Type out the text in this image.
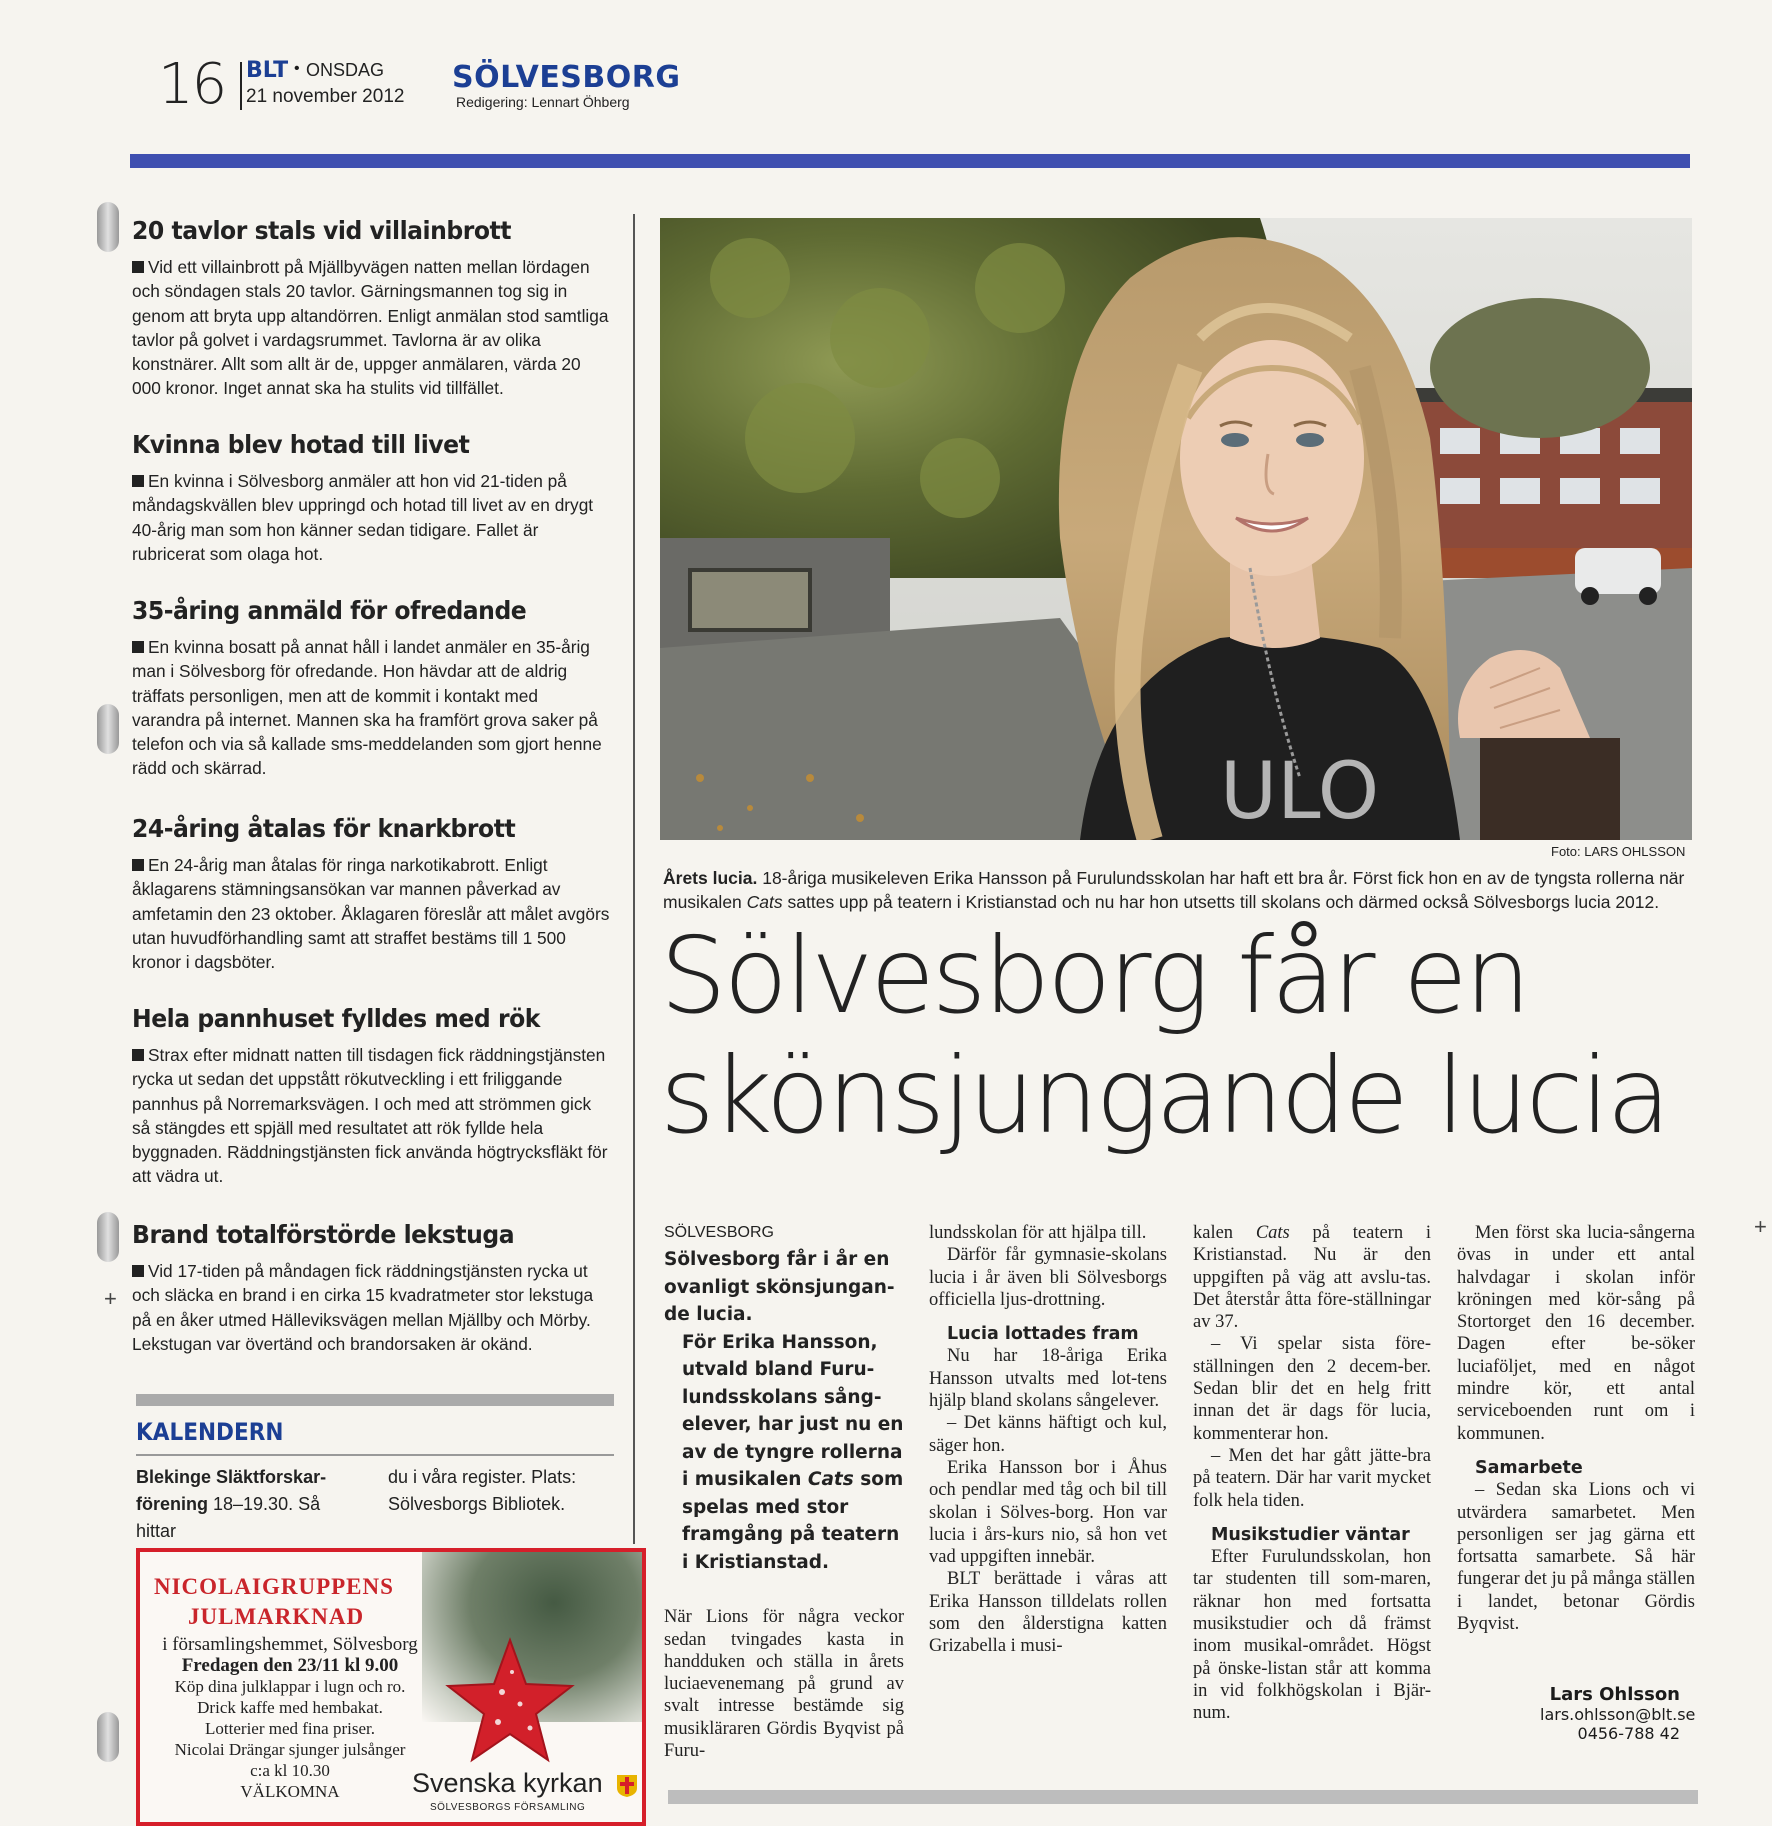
16 BLT • ONSDAG
21 november 2012
SÖLVESBORG
Redigering: Lennart Öhberg
20 tavlor stals vid villainbrott

Vid ett villainbrott på Mjällbyvägen natten mellan lördagen och söndagen stals 20 tavlor. Gärningsmannen tog sig in genom att bryta upp altandörren. Enligt anmälan stod samtliga tavlor på golvet i vardagsrummet. Tavlorna är av olika konstnärer. Allt som allt är de, uppger anmälaren, värda 20 000 kronor. Inget annat ska ha stulits vid tillfället.

Kvinna blev hotad till livet

En kvinna i Sölvesborg anmäler att hon vid 21-tiden på måndagskvällen blev uppringd och hotad till livet av en drygt 40-årig man som hon känner sedan tidigare. Fallet är rubricerat som olaga hot.

35-åring anmäld för ofredande

En kvinna bosatt på annat håll i landet anmäler en 35-årig man i Sölvesborg för ofredande. Hon hävdar att de aldrig träffats personligen, men att de kommit i kontakt med varandra på internet. Mannen ska ha framfört grova saker på telefon och via så kallade sms-meddelanden som gjort henne rädd och skärrad.

24-åring åtalas för knarkbrott

En 24-årig man åtalas för ringa narkotikabrott. Enligt åklagarens stämningsansökan var mannen påverkad av amfetamin den 23 oktober. Åklagaren föreslår att målet avgörs utan huvudförhandling samt att straffet bestäms till 1 500 kronor i dagsböter.

Hela pannhuset fylldes med rök

Strax efter midnatt natten till tisdagen fick räddningstjänsten rycka ut sedan det uppstått rökutveckling i ett friliggande pannhus på Norremarksvägen. I och med att strömmen gick så stängdes ett spjäll med resultatet att rök fyllde hela byggnaden. Räddningstjänsten fick använda högtrycksfläkt för att vädra ut.

Brand totalförstörde lekstuga

Vid 17-tiden på måndagen fick räddningstjänsten rycka ut och släcka en brand i en cirka 15 kvadratmeter stor lekstuga på en åker utmed Hälleviksvägen mellan Mjällby och Mörby. Lekstugan var övertänd och brandorsaken är okänd.

+
+
KALENDERN
Blekinge Släktforskar-förening 18–19.30. Så hittar
du i våra register. Plats: Sölvesborgs Bibliotek.
NICOLAIGRUPPENS
JULMARKNAD
i församlingshemmet, Sölvesborg
Fredagen den 23/11 kl 9.00
Köp dina julklappar i lugn och ro.
Drick kaffe med hembakat.
Lotterier med fina priser.
Nicolai Drängar sjunger julsånger
c:a kl 10.30
VÄLKOMNA	Svenska kyrkan
SÖLVESBORGS FÖRSAMLING
ULO
Foto: LARS OHLSSON
Årets lucia. 18-åriga musikeleven Erika Hansson på Furulundsskolan har haft ett bra år. Först fick hon en av de tyngsta rollerna när musikalen Cats sattes upp på teatern i Kristianstad och nu har hon utsetts till skolans och därmed också Sölvesborgs lucia 2012.
Sölvesborg får en
skönsjungande lucia
SÖLVESBORG

Sölvesborg får i år en ovanligt skönsjungan-de lucia.

För Erika Hansson, utvald bland Furu-lundsskolans sång-elever, har just nu en av de tyngre rollerna i musikalen Cats som spelas med stor framgång på teatern i Kristianstad.

När Lions för några veckor sedan tvingades kasta in handduken och ställa in årets luciaevenemang på grund av svalt intresse bestämde sig musikläraren Gördis Byqvist på Furu-

lundsskolan för att hjälpa till.

Därför får gymnasie-skolans lucia i år även bli Sölvesborgs officiella ljus-drottning.

Lucia lottades fram

Nu har 18-åriga Erika Hansson utvalts med lot-tens hjälp bland skolans sångelever.

– Det känns häftigt och kul, säger hon.

Erika Hansson bor i Åhus och pendlar med tåg och bil till skolan i Sölves-borg. Hon var lucia i års-kurs nio, så hon vet vad uppgiften innebär.

BLT berättade i våras att Erika Hansson tilldelats rollen som den ålderstigna katten Grizabella i musi-

kalen Cats på teatern i Kristianstad. Nu är den uppgiften på väg att avslu-tas. Det återstår åtta före-ställningar av 37.

– Vi spelar sista före-ställningen den 2 decem-ber. Sedan blir det en helg fritt innan det är dags för lucia, kommenterar hon.

– Men det har gått jätte-bra på teatern. Där har varit mycket folk hela tiden.

Musikstudier väntar

Efter Furulundsskolan, hon tar studenten till som-maren, räknar hon med fortsatta musikstudier och då främst inom musikal-området. Högst på önske-listan står att komma in vid folkhögskolan i Bjär-num.

Men först ska lucia-sångerna övas in under ett antal halvdagar i skolan inför kröningen med kör-sång på Stortorget den 16 december. Dagen efter be-söker luciaföljet, med en något mindre kör, ett antal serviceboenden runt om i kommunen.

Samarbete

– Sedan ska Lions och vi utvärdera samarbetet. Men personligen ser jag gärna ett fortsatta samarbete. Så här fungerar det ju på många ställen i landet, betonar Gördis Byqvist.

Lars Ohlsson
lars.ohlsson@blt.se
0456-788 42
